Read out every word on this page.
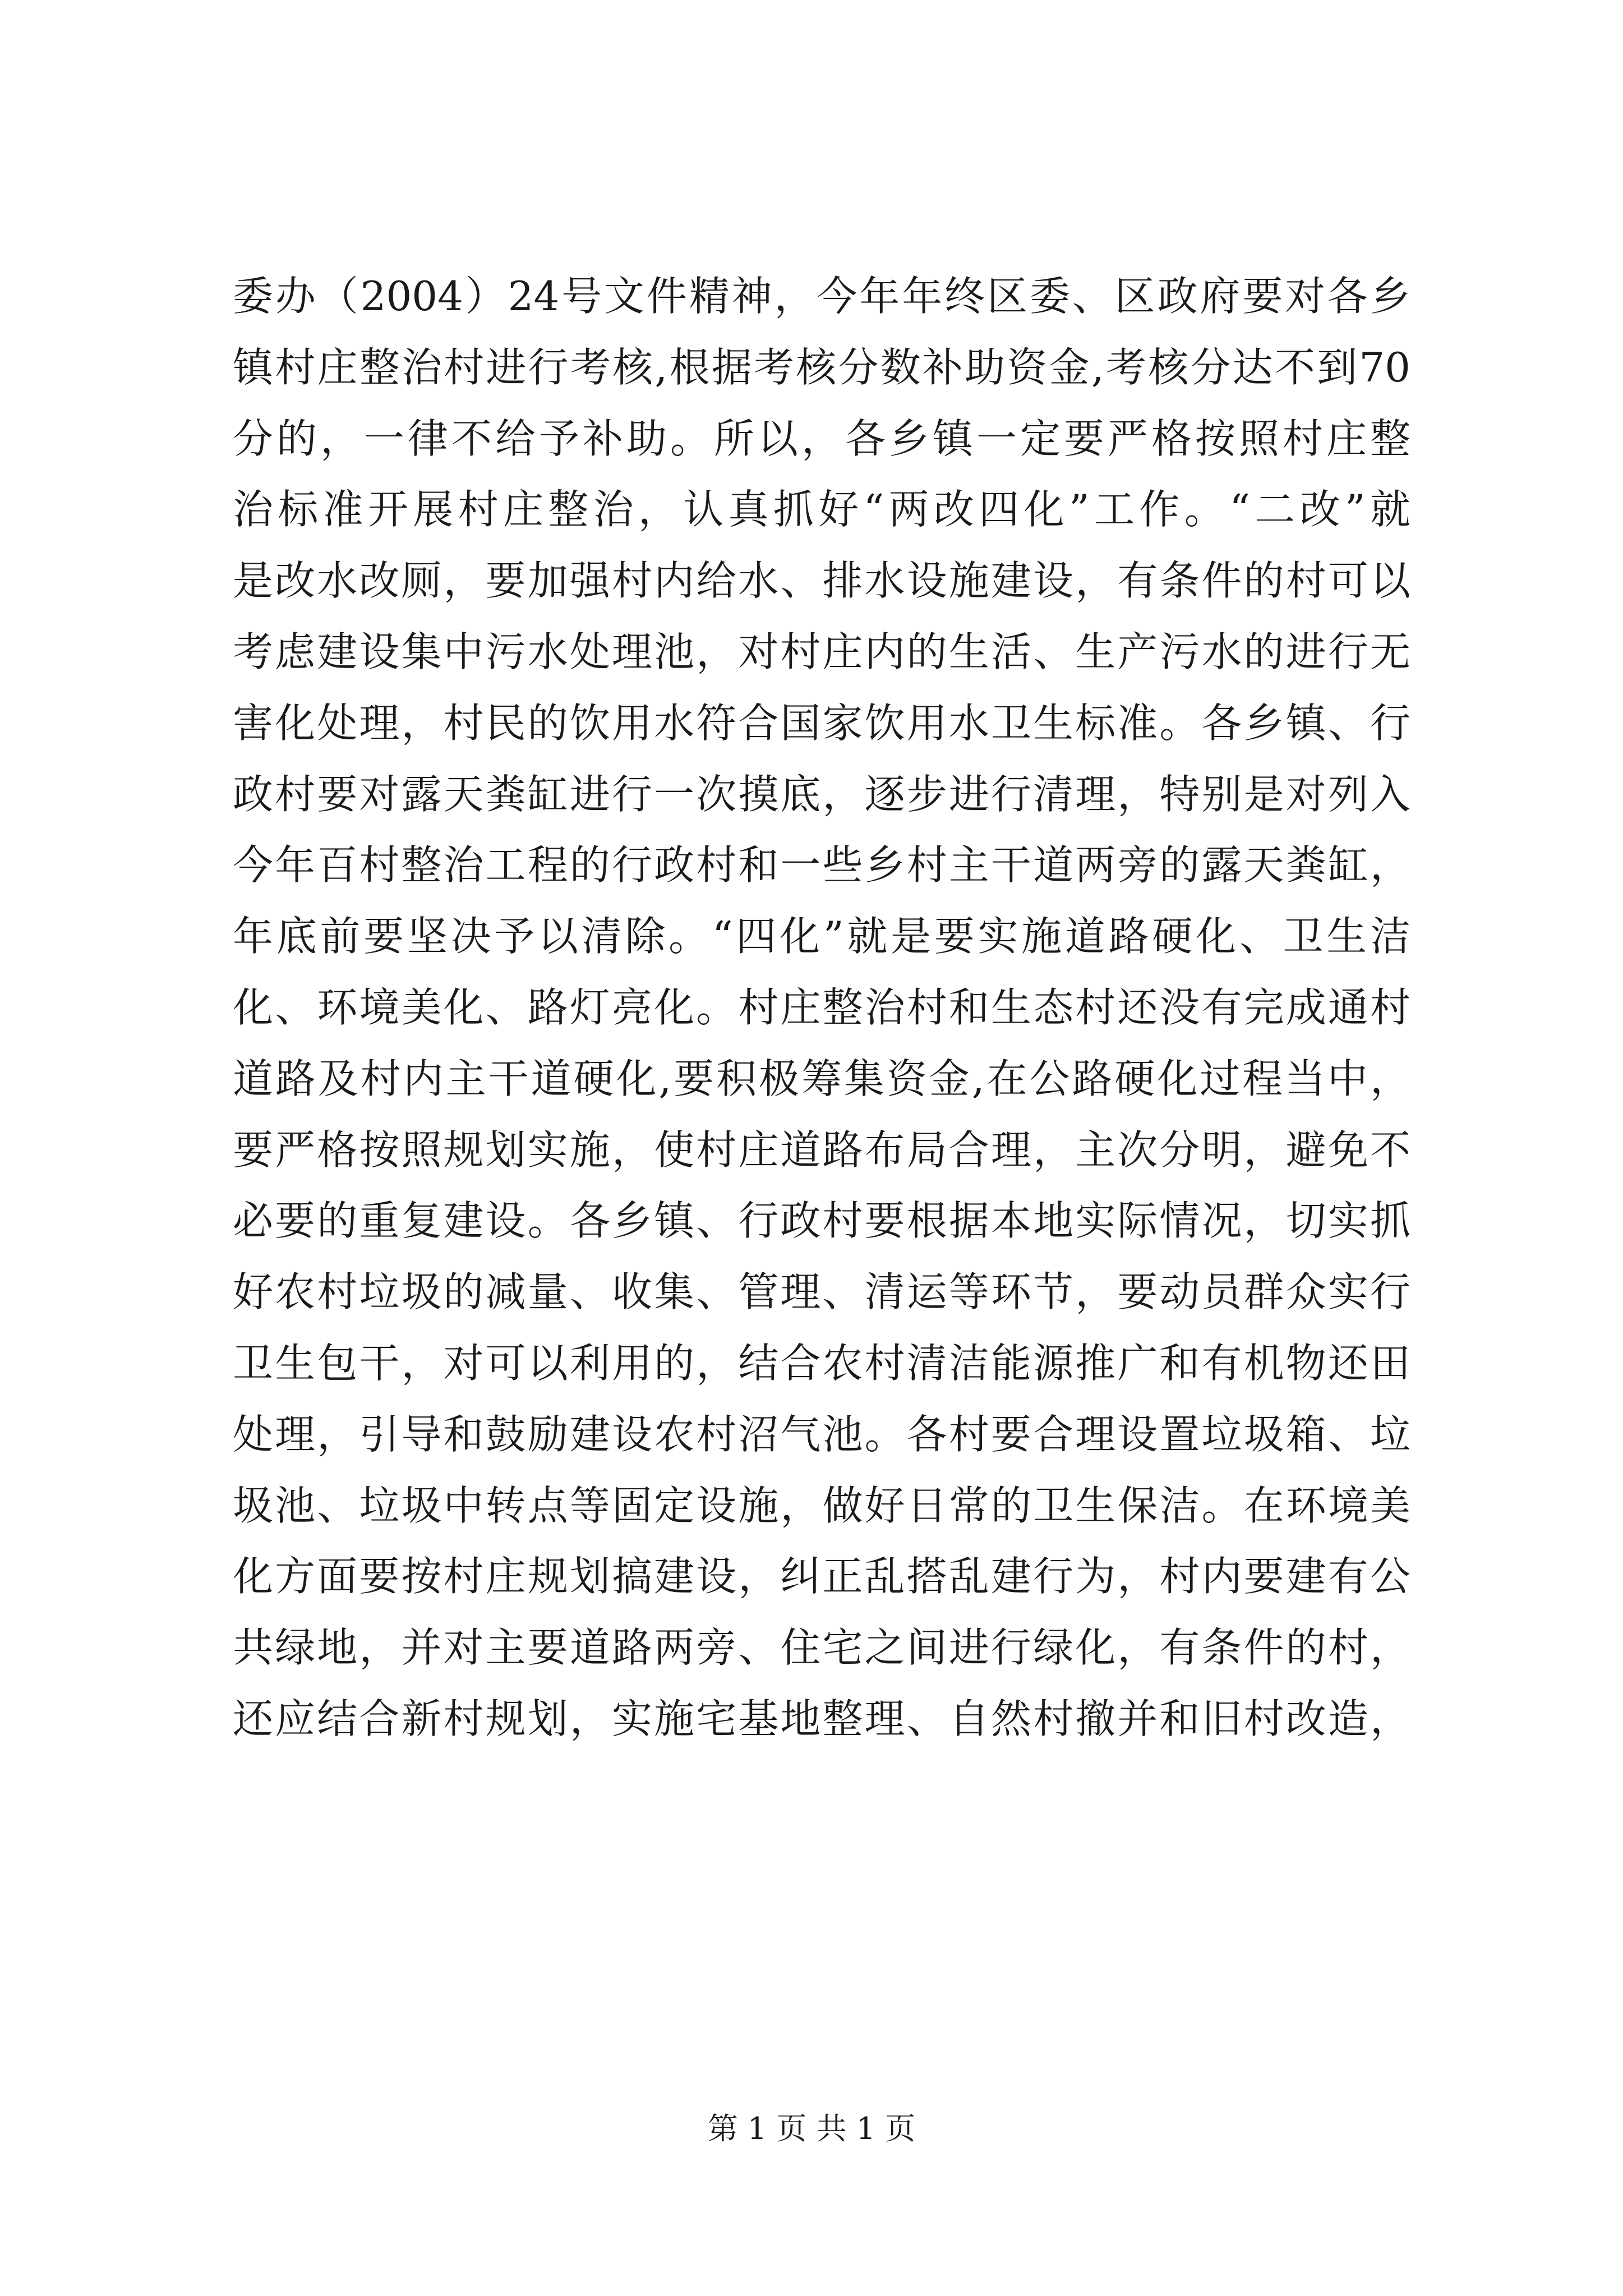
委办（2004）24号文件精神，今年年终区委、区政府要对各乡
镇村庄整治村进行考核,根据考核分数补助资金,考核分达不到70
分的，一律不给予补助。所以，各乡镇一定要严格按照村庄整
治标准开展村庄整治，认真抓好“两改四化”工作。“二改”就
是改水改厕，要加强村内给水、排水设施建设，有条件的村可以
考虑建设集中污水处理池，对村庄内的生活、生产污水的进行无
害化处理，村民的饮用水符合国家饮用水卫生标准。各乡镇、行
政村要对露天粪缸进行一次摸底，逐步进行清理，特别是对列入
今年百村整治工程的行政村和一些乡村主干道两旁的露天粪缸，
年底前要坚决予以清除。“四化”就是要实施道路硬化、卫生洁
化、环境美化、路灯亮化。村庄整治村和生态村还没有完成通村
道路及村内主干道硬化,要积极筹集资金,在公路硬化过程当中，
要严格按照规划实施，使村庄道路布局合理，主次分明，避免不
必要的重复建设。各乡镇、行政村要根据本地实际情况，切实抓
好农村垃圾的减量、收集、管理、清运等环节，要动员群众实行
卫生包干，对可以利用的，结合农村清洁能源推广和有机物还田
处理，引导和鼓励建设农村沼气池。各村要合理设置垃圾箱、垃
圾池、垃圾中转点等固定设施，做好日常的卫生保洁。在环境美
化方面要按村庄规划搞建设，纠正乱搭乱建行为，村内要建有公
共绿地，并对主要道路两旁、住宅之间进行绿化，有条件的村，
还应结合新村规划，实施宅基地整理、自然村撤并和旧村改造，
第 1 页 共 1 页
